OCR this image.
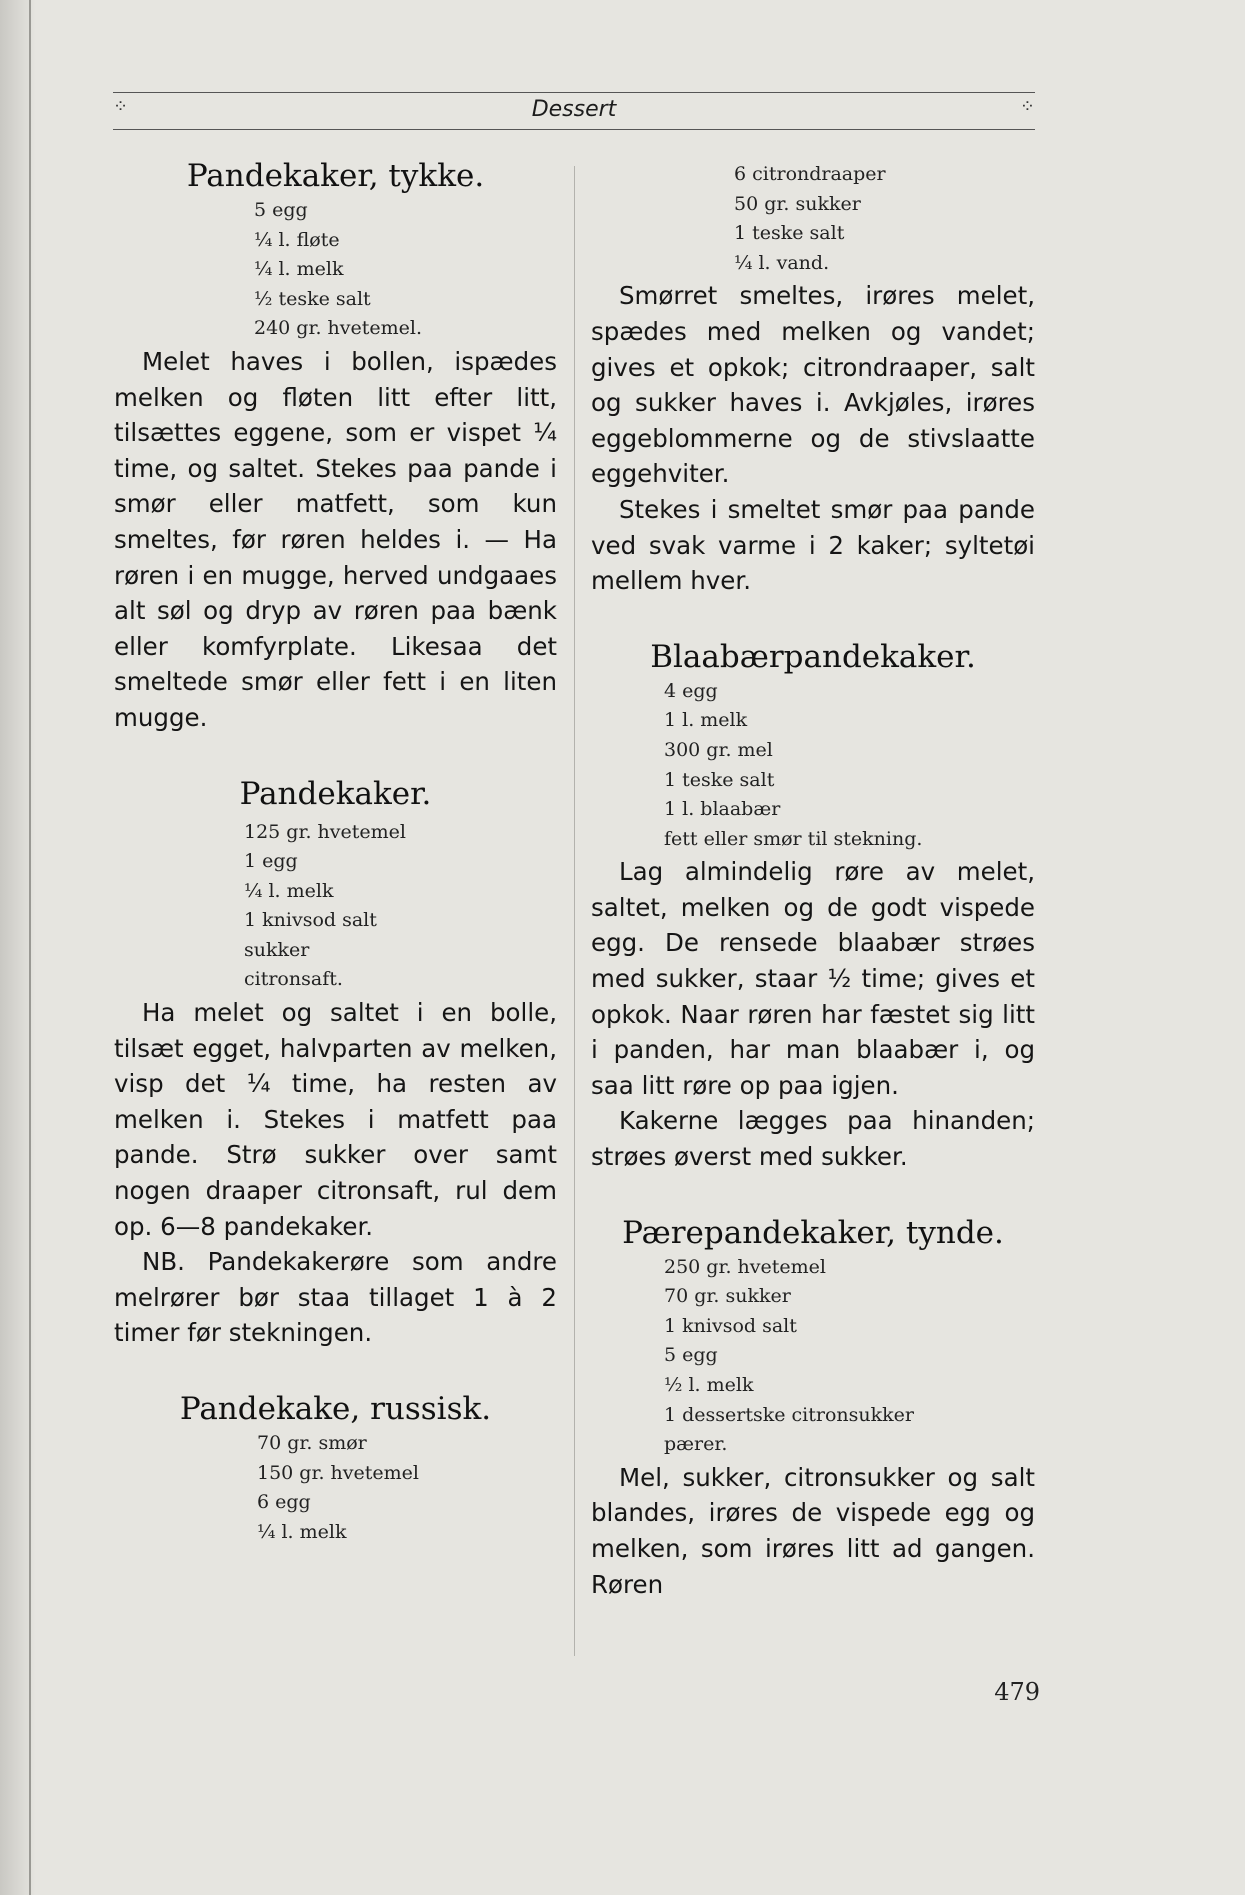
⁘	Dessert	⁘
Pandekaker, tykke.
5 egg
¼ l. fløte
¼ l. melk
½ teske salt
240 gr. hvetemel.

Melet haves i bollen, ispædes melken og fløten litt efter litt, tilsættes eggene, som er vispet ¼ time, og saltet. Stekes paa pande i smør eller matfett, som kun smeltes, før røren heldes i. — Ha røren i en mugge, herved undgaaes alt søl og dryp av røren paa bænk eller komfyrplate. Likesaa det smeltede smør eller fett i en liten mugge.

Pandekaker.
125 gr. hvetemel
1 egg
¼ l. melk
1 knivsod salt
sukker
citronsaft.

Ha melet og saltet i en bolle, tilsæt egget, halvparten av melken, visp det ¼ time, ha resten av melken i. Stekes i matfett paa pande. Strø sukker over samt nogen draaper citronsaft, rul dem op. 6—8 pandekaker.

NB. Pandekakerøre som andre melrører bør staa tillaget 1 à 2 timer før stekningen.

Pandekake, russisk.
70 gr. smør
150 gr. hvetemel
6 egg
¼ l. melk
6 citrondraaper
50 gr. sukker
1 teske salt
¼ l. vand.

Smørret smeltes, irøres melet, spædes med melken og vandet; gives et opkok; citrondraaper, salt og sukker haves i. Avkjøles, irøres eggeblommerne og de stivslaatte eggehviter.

Stekes i smeltet smør paa pande ved svak varme i 2 kaker; syltetøi mellem hver.

Blaabærpandekaker.
4 egg
1 l. melk
300 gr. mel
1 teske salt
1 l. blaabær
fett eller smør til stekning.

Lag almindelig røre av melet, saltet, melken og de godt vispede egg. De rensede blaabær strøes med sukker, staar ½ time; gives et opkok. Naar røren har fæstet sig litt i panden, har man blaabær i, og saa litt røre op paa igjen.

Kakerne lægges paa hinanden; strøes øverst med sukker.

Pærepandekaker, tynde.
250 gr. hvetemel
70 gr. sukker
1 knivsod salt
5 egg
½ l. melk
1 dessertske citronsukker
pærer.

Mel, sukker, citronsukker og salt blandes, irøres de vispede egg og melken, som irøres litt ad gangen. Røren

479
